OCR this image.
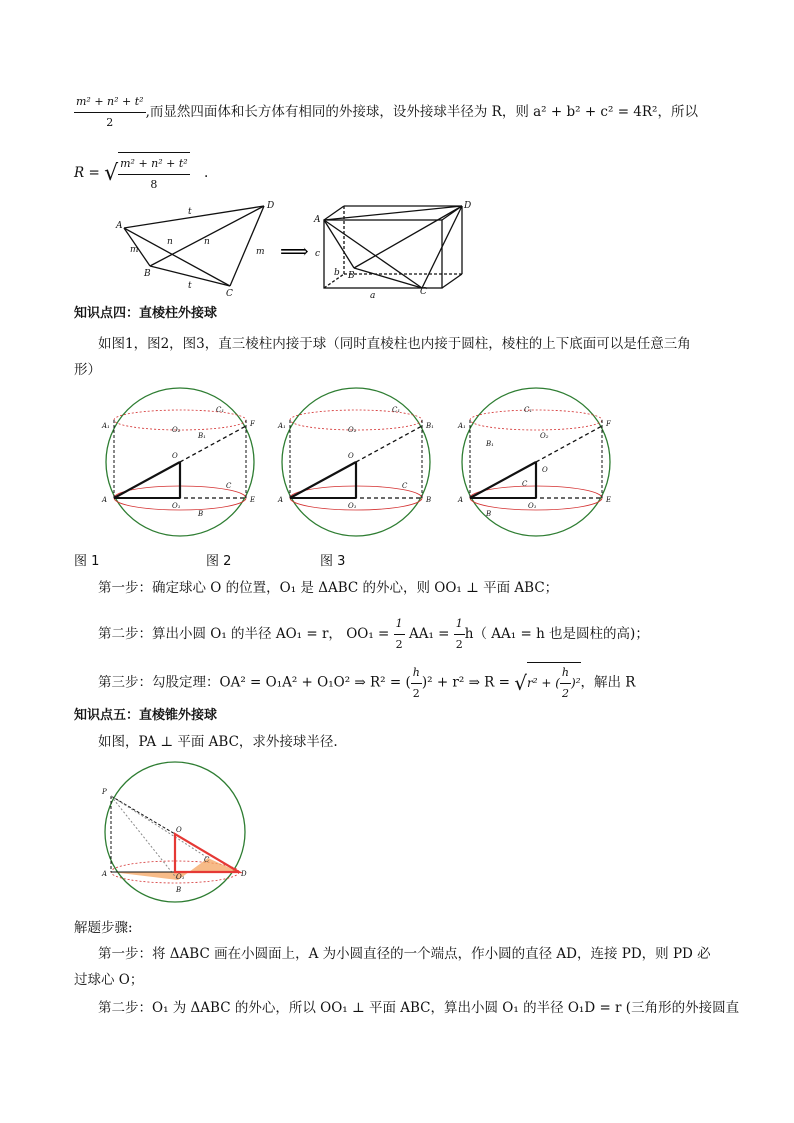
$\frac{\text{m² + n² + t²}}{2}$ ,而显然四面体和长方体有相同的外接球，设外接球半径为 R，则 a² + b² + c² = 4R²，所以
R = √ $\frac{\text{m² + n² + t²}}{8}$ .
A
D
B
C
t
n	n
m	m
t
A
D
B
C
c
b
a
⟹
知识点四：直棱柱外接球
如图1，图2，图3，直三棱柱内接于球（同时直棱柱也内接于圆柱，棱柱的上下底面可以是任意三角
形）
A₁	F
A	E
O
O₁
B
C
B₁
C₁
O₂	A₁	B₁
A	B
O
O₁
C
C₁
O₂	A₁	F
A	E
O
O₁
B
C
B₁
C₁
O₂
图 1	图 2	图 3
第一步：确定球心 O 的位置，O₁ 是 ΔABC 的外心，则 OO₁ ⊥ 平面 ABC；
第二步：算出小圆 O₁ 的半径 AO₁ = r， $OO_1 = \frac{1}{2} AA_1 = \frac{1}{2} h$（ AA₁ = h 也是圆柱的高)；
第三步：勾股定理：OA² = O₁A² + O₁O² ⇒ R² = ( $\frac{h}{2} )^2 + r^2$ ⇒ R = √r² + ( $\frac{h}{2} )^2$，解出 R
知识点五：直棱锥外接球
如图，PA ⊥ 平面 ABC，求外接球半径.
P
A	D
O
O₁
B
C
解题步骤:
第一步：将 ΔABC 画在小圆面上，A 为小圆直径的一个端点，作小圆的直径 AD，连接 PD，则 PD 必
过球心 O；
第二步：O₁ 为 ΔABC 的外心，所以 OO₁ ⊥ 平面 ABC，算出小圆 O₁ 的半径 O₁D = r (三角形的外接圆直
